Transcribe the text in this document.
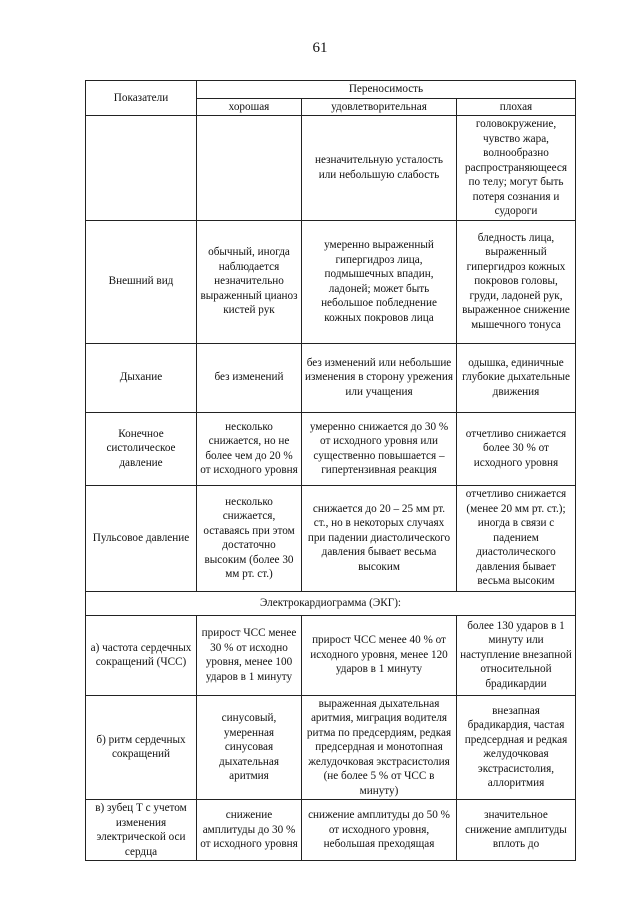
61
Показатели	Переносимость		
	хорошая	удовлетворительная	плохая
		незначительную усталость или небольшую слабость	головокружение, чувство жара, волнообразно распространяющееся по телу; могут быть потеря сознания и судороги
Внешний вид	обычный, иногда наблюдается незначительно выраженный цианоз кистей рук	умеренно выраженный гипергидроз лица, подмышечных впадин, ладоней; может быть небольшое побледнение кожных покровов лица	бледность лица, выраженный гипергидроз кожных покровов головы, груди, ладоней рук, выраженное снижение мышечного тонуса
Дыхание	без изменений	без изменений или небольшие изменения в сторону урежения или учащения	одышка, единичные глубокие дыхательные движения
Конечное систолическое давление	несколько снижается, но не более чем до 20 % от исходного уровня	умеренно снижается до 30 % от исходного уровня или существенно повышается – гипертензивная реакция	отчетливо снижается более 30 % от исходного уровня
Пульсовое давление	несколько снижается, оставаясь при этом достаточно высоким (более 30 мм рт. ст.)	снижается до 20 – 25 мм рт. ст., но в некоторых случаях при падении диастолического давления бывает весьма высоким	отчетливо снижается (менее 20 мм рт. ст.); иногда в связи с падением диастолического давления бывает весьма высоким
Электрокардиограмма (ЭКГ):			
а) частота сердечных сокращений (ЧСС)	прирост ЧСС менее 30 % от исходно уровня, менее 100 ударов в 1 минуту	прирост ЧСС менее 40 % от исходного уровня, менее 120 ударов в 1 минуту	более 130 ударов в 1 минуту или наступление внезапной относительной брадикардии
б) ритм сердечных сокращений	синусовый, умеренная синусовая дыхательная аритмия	выраженная дыхательная аритмия, миграция водителя ритма по предсердиям, редкая предсердная и монотопная желудочковая экстрасистолия (не более 5 % от ЧСС в минуту)	внезапная брадикардия, частая предсердная и редкая желудочковая экстрасистолия, аллоритмия
в) зубец Т с учетом изменения электрической оси сердца	снижение амплитуды до 30 % от исходного уровня	снижение амплитуды до 50 % от исходного уровня, небольшая преходящая	значительное снижение амплитуды вплоть до
